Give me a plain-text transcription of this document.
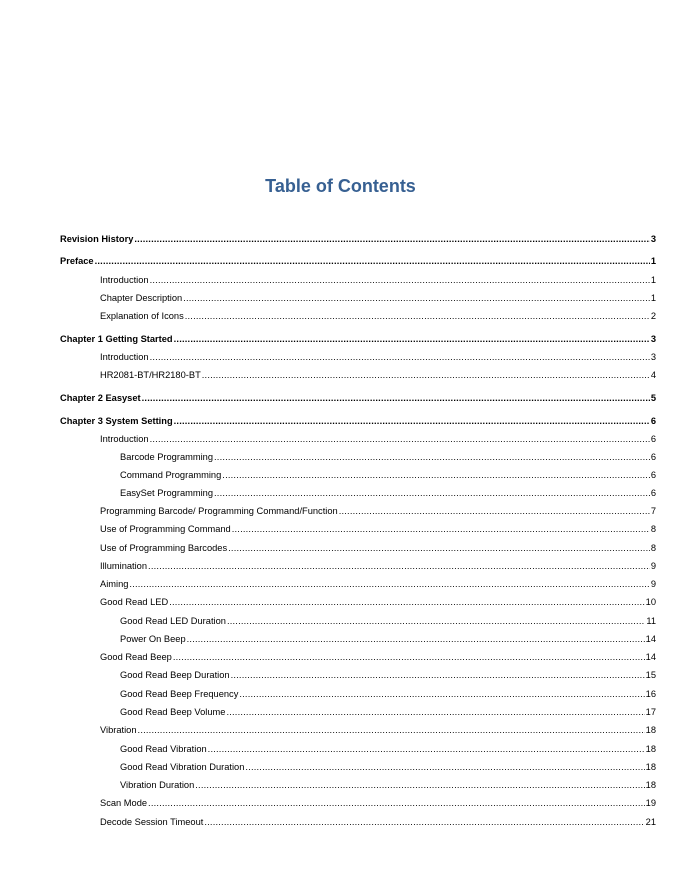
Table of Contents
Revision History .....	3
Preface .....	1
Introduction .....	1
Chapter Description .....	1
Explanation of Icons .....	2
Chapter 1 Getting Started .....	3
Introduction .....	3
HR2081-BT/HR2180-BT .....	4
Chapter 2 Easyset .....	5
Chapter 3 System Setting .....	6
Introduction .....	6
Barcode Programming .....	6
Command Programming .....	6
EasySet Programming .....	6
Programming Barcode/ Programming Command/Function .....	7
Use of Programming Command .....	8
Use of Programming Barcodes .....	8
Illumination .....	9
Aiming .....	9
Good Read LED .....	10
Good Read LED Duration .....	11
Power On Beep .....	14
Good Read Beep .....	14
Good Read Beep Duration .....	15
Good Read Beep Frequency .....	16
Good Read Beep Volume .....	17
Vibration .....	18
Good Read Vibration .....	18
Good Read Vibration Duration .....	18
Vibration Duration .....	18
Scan Mode .....	19
Decode Session Timeout .....	21
